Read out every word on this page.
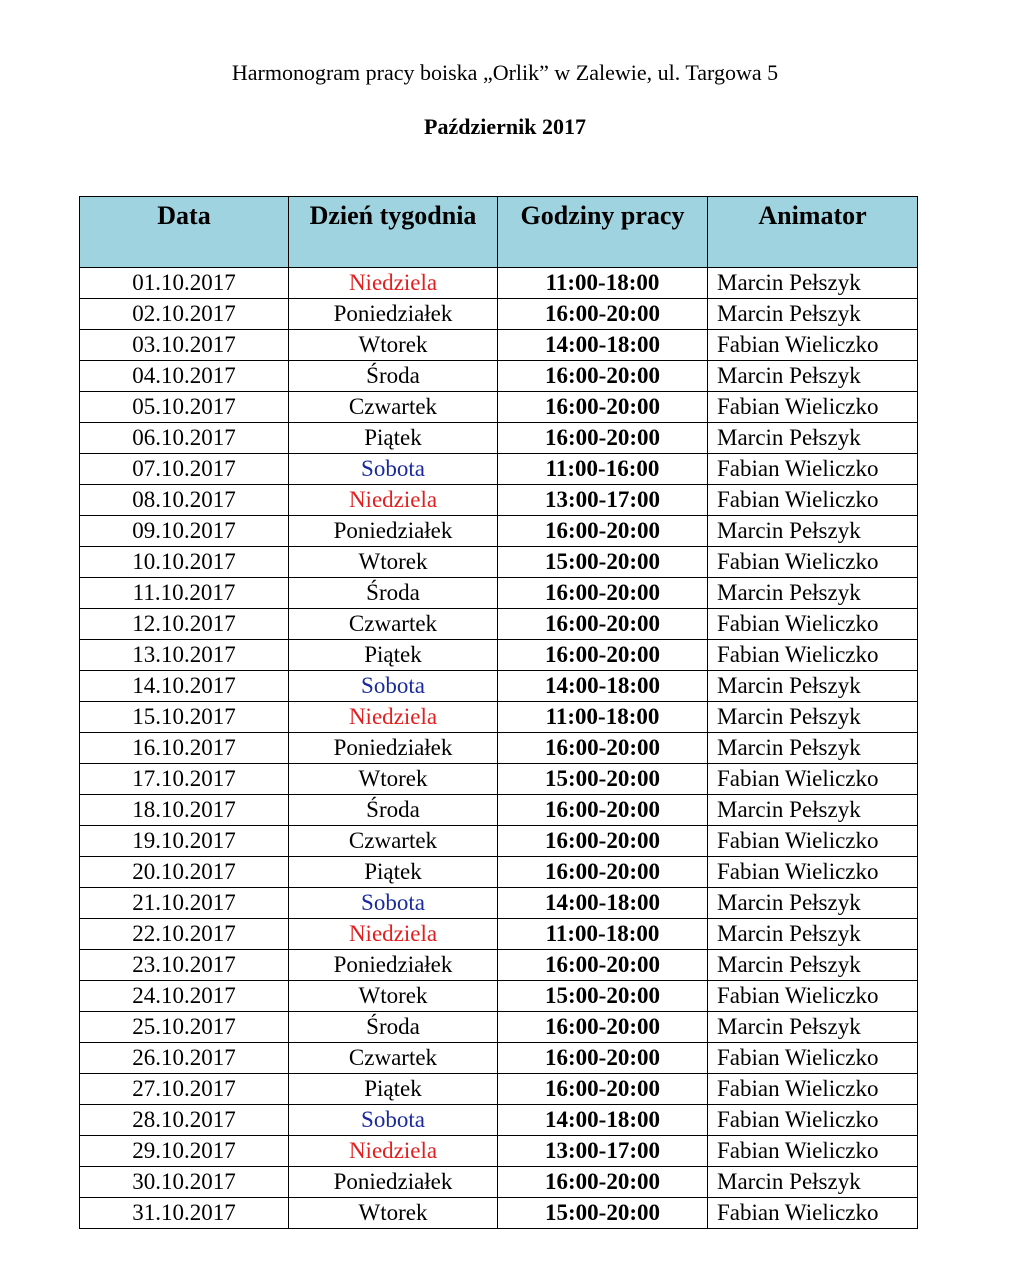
Harmonogram pracy boiska „Orlik” w Zalewie, ul. Targowa 5
Październik 2017
Data	Dzień tygodnia	Godziny pracy	Animator
01.10.2017	Niedziela	11:00-18:00	Marcin Pełszyk
02.10.2017	Poniedziałek	16:00-20:00	Marcin Pełszyk
03.10.2017	Wtorek	14:00-18:00	Fabian Wieliczko
04.10.2017	Środa	16:00-20:00	Marcin Pełszyk
05.10.2017	Czwartek	16:00-20:00	Fabian Wieliczko
06.10.2017	Piątek	16:00-20:00	Marcin Pełszyk
07.10.2017	Sobota	11:00-16:00	Fabian Wieliczko
08.10.2017	Niedziela	13:00-17:00	Fabian Wieliczko
09.10.2017	Poniedziałek	16:00-20:00	Marcin Pełszyk
10.10.2017	Wtorek	15:00-20:00	Fabian Wieliczko
11.10.2017	Środa	16:00-20:00	Marcin Pełszyk
12.10.2017	Czwartek	16:00-20:00	Fabian Wieliczko
13.10.2017	Piątek	16:00-20:00	Fabian Wieliczko
14.10.2017	Sobota	14:00-18:00	Marcin Pełszyk
15.10.2017	Niedziela	11:00-18:00	Marcin Pełszyk
16.10.2017	Poniedziałek	16:00-20:00	Marcin Pełszyk
17.10.2017	Wtorek	15:00-20:00	Fabian Wieliczko
18.10.2017	Środa	16:00-20:00	Marcin Pełszyk
19.10.2017	Czwartek	16:00-20:00	Fabian Wieliczko
20.10.2017	Piątek	16:00-20:00	Fabian Wieliczko
21.10.2017	Sobota	14:00-18:00	Marcin Pełszyk
22.10.2017	Niedziela	11:00-18:00	Marcin Pełszyk
23.10.2017	Poniedziałek	16:00-20:00	Marcin Pełszyk
24.10.2017	Wtorek	15:00-20:00	Fabian Wieliczko
25.10.2017	Środa	16:00-20:00	Marcin Pełszyk
26.10.2017	Czwartek	16:00-20:00	Fabian Wieliczko
27.10.2017	Piątek	16:00-20:00	Fabian Wieliczko
28.10.2017	Sobota	14:00-18:00	Fabian Wieliczko
29.10.2017	Niedziela	13:00-17:00	Fabian Wieliczko
30.10.2017	Poniedziałek	16:00-20:00	Marcin Pełszyk
31.10.2017	Wtorek	15:00-20:00	Fabian Wieliczko
